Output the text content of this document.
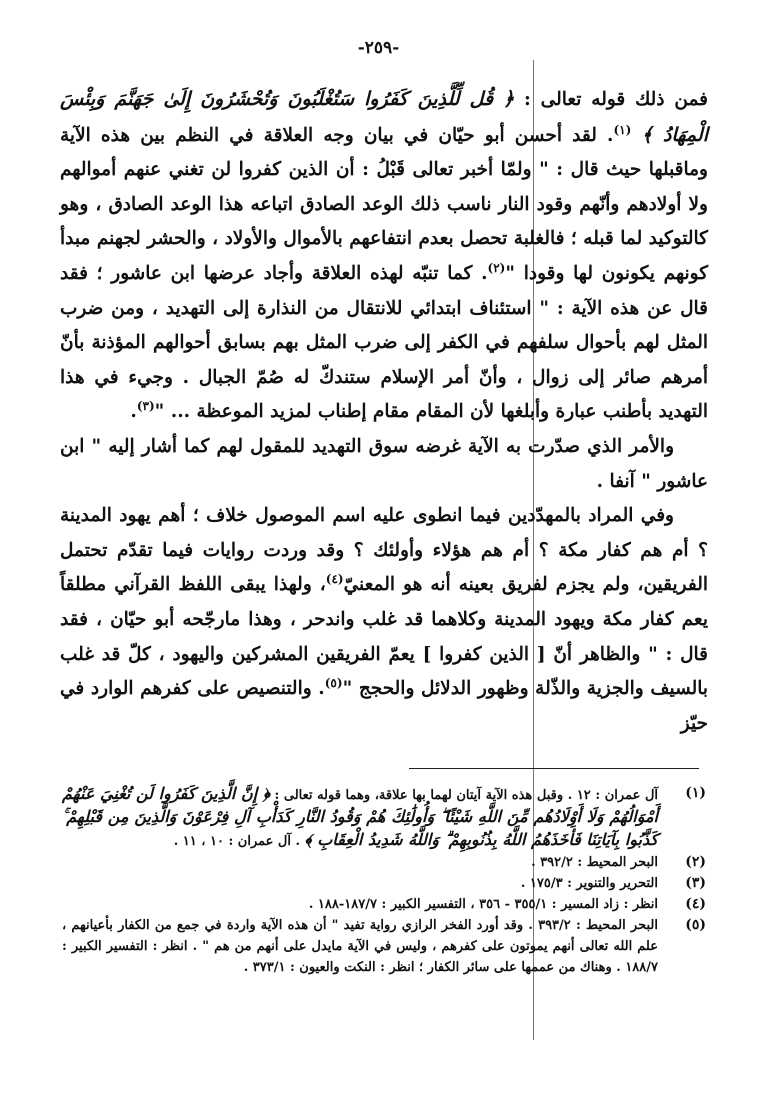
-٢٥٩-

فمن ذلك قوله تعالى : ﴿ قُل لِّلَّذِينَ كَفَرُوا سَتُغْلَبُونَ وَتُحْشَرُونَ إِلَىٰ جَهَنَّمَ وَبِئْسَ الْمِهَادُ ﴾ $^{(١)}$. لقد أحسن أبو حيّان في بيان وجه العلاقة في النظم بين هذه الآية وماقبلها حيث قال : " ولمّا أخبر تعالى قَبْلُ : أن الذين كفروا لن تغني عنهم أموالهم ولا أولادهم وأنّهم وقود النار ناسب ذلك الوعد الصادق اتباعه هذا الوعد الصادق ، وهو كالتوكيد لما قبله ؛ فالغلبة تحصل بعدم انتفاعهم بالأموال والأولاد ، والحشر لجهنم مبدأ كونهم يكونون لها وقودا "$^{(٢)}$. كما تنبّه لهذه العلاقة وأجاد عرضها ابن عاشور ؛ فقد قال عن هذه الآية : " استئناف ابتدائي للانتقال من النذارة إلى التهديد ، ومن ضرب المثل لهم بأحوال سلفهم في الكفر إلى ضرب المثل بهم بسابق أحوالهم المؤذنة بأنّ أمرهم صائر إلى زوال ، وأنّ أمر الإسلام ستندكّ له صُمّ الجبال . وجيء في هذا التهديد بأطنب عبارة وأبلغها لأن المقام مقام إطناب لمزيد الموعظة ... "$^{(٣)}$.

والأمر الذي صدّرت به الآية غرضه سوق التهديد للمقول لهم كما أشار إليه " ابن عاشور " آنفا .

وفي المراد بالمهدّدين فيما انطوى عليه اسم الموصول خلاف ؛ أهم يهود المدينة ؟ أم هم كفار مكة ؟ أم هم هؤلاء وأولئك ؟ وقد وردت روايات فيما تقدّم تحتمل الفريقين، ولم يجزم لفريق بعينه أنه هو المعنيّ$^{(٤)}$، ولهذا يبقى اللفظ القرآني مطلقاً يعم كفار مكة ويهود المدينة وكلاهما قد غلب واندحر ، وهذا مارجّحه أبو حيّان ، فقد قال : " والظاهر أنّ [ الذين كفروا ] يعمّ الفريقين المشركين واليهود ، كلّ قد غلب بالسيف والجزية والذّلة وظهور الدلائل والحجج "$^{(٥)}$. والتنصيص على كفرهم الوارد في حيّز

(١)
آل عمران : ١٢ . وقبل هذه الآية آيتان لهما بها علاقة، وهما قوله تعالى : ﴿ إِنَّ الَّذِينَ كَفَرُوا لَن تُغْنِيَ عَنْهُمْ أَمْوَالُهُمْ وَلَا أَوْلَادُهُم مِّنَ اللَّهِ شَيْئًا ۖ وَأُولَٰئِكَ هُمْ وَقُودُ النَّارِ كَدَأْبِ آلِ فِرْعَوْنَ وَالَّذِينَ مِن قَبْلِهِمْ ۚ كَذَّبُوا بِآيَاتِنَا فَأَخَذَهُمُ اللَّهُ بِذُنُوبِهِمْ ۗ وَاللَّهُ شَدِيدُ الْعِقَابِ ﴾ . آل عمران : ١٠ ، ١١ .
(٢)
البحر المحيط : ٣٩٢/٢ .
(٣)
التحرير والتنوير : ١٧٥/٣ .
(٤)
انظر : زاد المسير : ٣٥٥/١ - ٣٥٦ ، التفسير الكبير : ١٨٧/٧-١٨٨ .
(٥)
البحر المحيط : ٣٩٣/٢ . وقد أورد الفخر الرازي رواية تفيد " أن هذه الآية واردة في جمع من الكفار بأعيانهم ، علم الله تعالى أنهم يموتون على كفرهم ، وليس في الآية مايدل على أنهم من هم " . انظر : التفسير الكبير : ١٨٨/٧ . وهناك من عممها على سائر الكفار ؛ انظر : النكت والعيون : ٣٧٣/١ .
